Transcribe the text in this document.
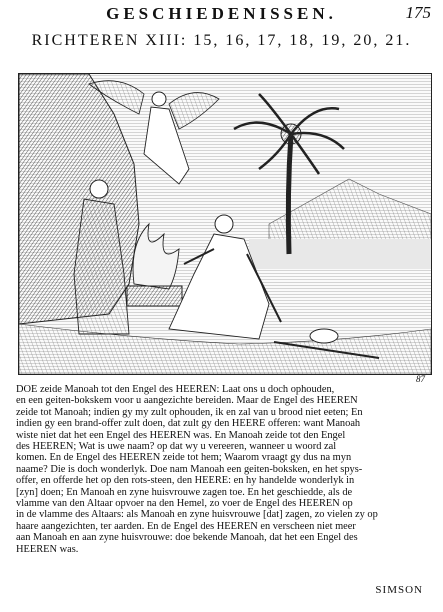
GESCHIEDENISSEN.	175
RICHTEREN XIII: 15, 16, 17, 18, 19, 20, 21.
87

DOE zeide Manoah tot den Engel des HEEREN: Laat ons u doch ophouden,

en een geiten-bokskem voor u aangezichte bereiden. Maar de Engel des HEEREN

zeide tot Manoah; indien gy my zult ophouden, ik en zal van u brood niet eeten; En

indien gy een brand-offer zult doen, dat zult gy den HEERE offeren: want Manoah

wiste niet dat het een Engel des HEEREN was. En Manoah zeide tot den Engel

des HEEREN; Wat is uwe naam? op dat wy u vereeren, wanneer u woord zal

komen. En de Engel des HEEREN zeide tot hem; Waarom vraagt gy dus na myn

naame? Die is doch wonderlyk. Doe nam Manoah een geiten-boksken, en het spys-

offer, en offerde het op den rots-steen, den HEERE: en hy handelde wonderlyk in

[zyn] doen; En Manoah en zyne huisvrouwe zagen toe. En het geschiedde, als de

vlamme van den Altaar opvoer na den Hemel, zo voer de Engel des HEEREN op

in de vlamme des Altaars: als Manoah en zyne huisvrouwe [dat] zagen, zo vielen zy op

haare aangezichten, ter aarden. En de Engel des HEEREN en verscheen niet meer

aan Manoah en aan zyne huisvrouwe: doe bekende Manoah, dat het een Engel des

HEEREN was.

SIMSON
